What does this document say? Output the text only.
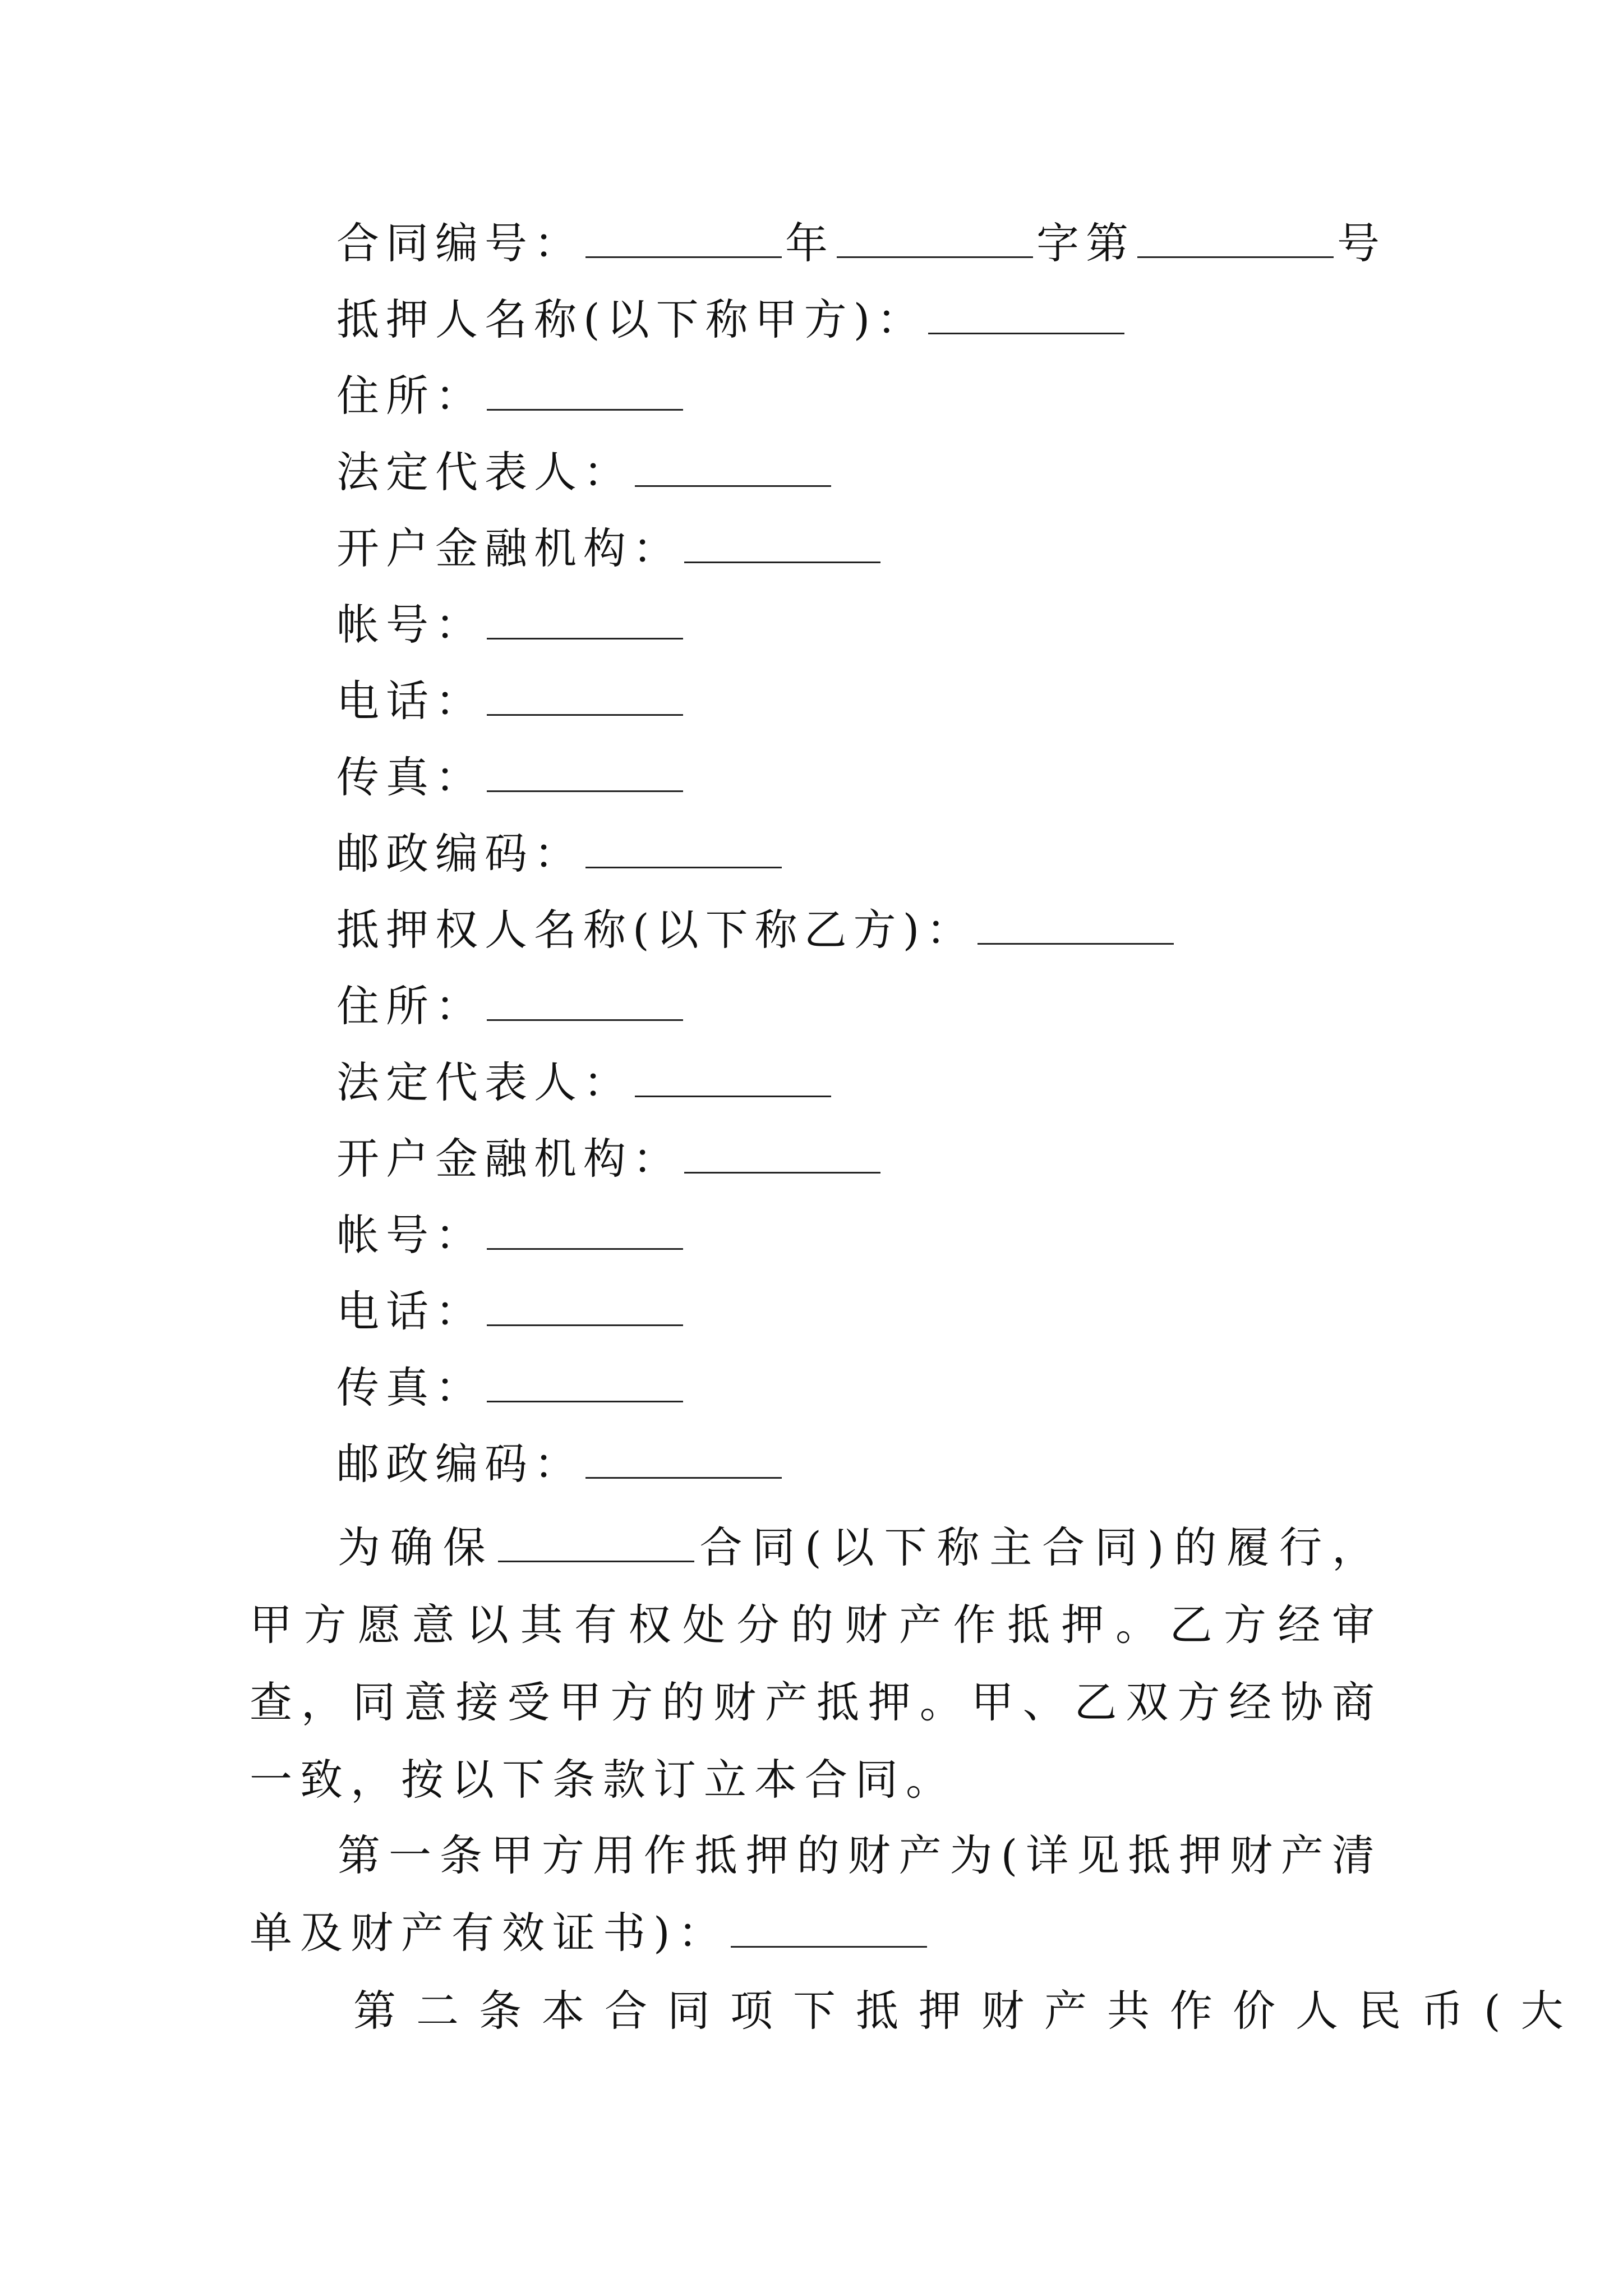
合同编号：	年	字第	号
抵押人名称(以下称甲方)：
住所：
法定代表人：
开户金融机构：
帐号：
电话：
传真：
邮政编码：
抵押权人名称(以下称乙方)：
住所：
法定代表人：
开户金融机构：
帐号：
电话：
传真：
邮政编码：
为确保	合同(以下称主合同)的履行，甲方愿意以其有权处分的财产作抵押。乙方经审查，同意接受甲方的财产抵押。甲、乙双方经协商一致，按以下条款订立本合同。
第一条甲方用作抵押的财产为(详见抵押财产清单及财产有效证书)：
第二条本合同项下抵押财产共作价人民币(大
